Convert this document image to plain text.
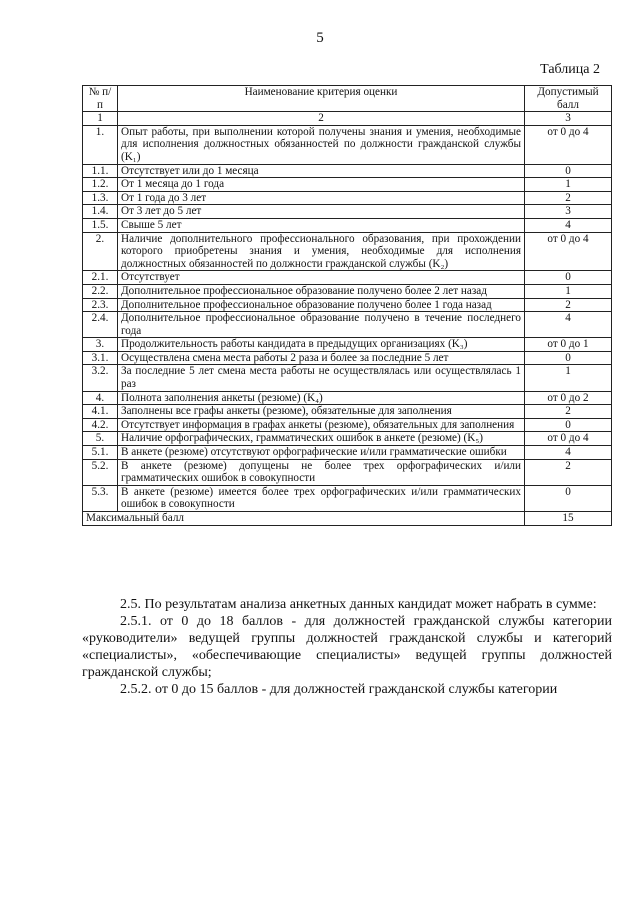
5
Таблица 2
№ п/п	Наименование критерия оценки	Допустимый балл
1	2	3
1.	Опыт работы, при выполнении которой получены знания и умения, необходимые для исполнения должностных обязанностей по должности гражданской службы (K₁)	от 0 до 4
1.1.	Отсутствует или до 1 месяца	0
1.2.	От 1 месяца до 1 года	1
1.3.	От 1 года до 3 лет	2
1.4.	От 3 лет до 5 лет	3
1.5.	Свыше 5 лет	4
2.	Наличие дополнительного профессионального образования, при прохождении которого приобретены знания и умения, необходимые для исполнения должностных обязанностей по должности гражданской службы (K₂)	от 0 до 4
2.1.	Отсутствует	0
2.2.	Дополнительное профессиональное образование получено более 2 лет назад	1
2.3.	Дополнительное профессиональное образование получено более 1 года назад	2
2.4.	Дополнительное профессиональное образование получено в течение последнего года	4
3.	Продолжительность работы кандидата в предыдущих организациях (K₃)	от 0 до 1
3.1.	Осуществлена смена места работы 2 раза и более за последние 5 лет	0
3.2.	За последние 5 лет смена места работы не осуществлялась или осуществлялась 1 раз	1
4.	Полнота заполнения анкеты (резюме) (K₄)	от 0 до 2
4.1.	Заполнены все графы анкеты (резюме), обязательные для заполнения	2
4.2.	Отсутствует информация в графах анкеты (резюме), обязательных для заполнения	0
5.	Наличие орфографических, грамматических ошибок в анкете (резюме) (K₅)	от 0 до 4
5.1.	В анкете (резюме) отсутствуют орфографические и/или грамматические ошибки	4
5.2.	В анкете (резюме) допущены не более трех орфографических и/или грамматических ошибок в совокупности	2
5.3.	В анкете (резюме) имеется более трех орфографических и/или грамматических ошибок в совокупности	0
Максимальный балл		15

2.5. По результатам анализа анкетных данных кандидат может набрать в сумме:

2.5.1. от 0 до 18 баллов - для должностей гражданской службы категории «руководители» ведущей группы должностей гражданской службы и категорий «специалисты», «обеспечивающие специалисты» ведущей группы должностей гражданской службы;

2.5.2. от 0 до 15 баллов - для должностей гражданской службы категории
